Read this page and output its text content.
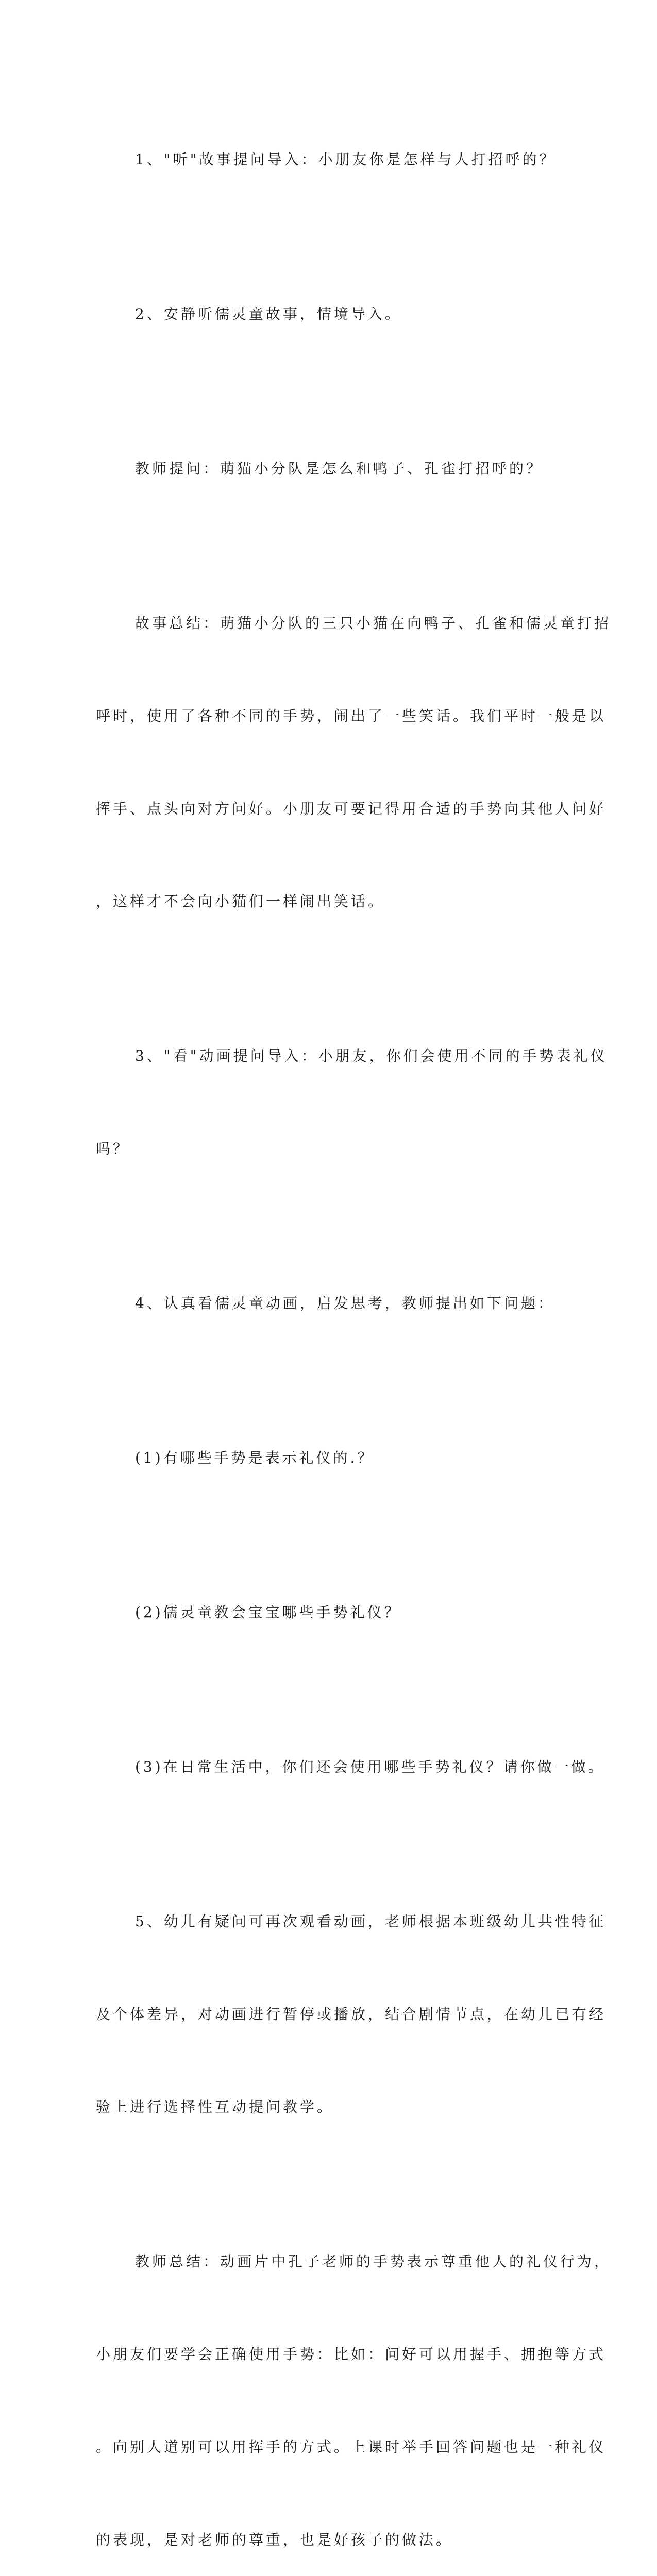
1、"听"故事提问导入：小朋友你是怎样与人打招呼的？

2、安静听儒灵童故事，情境导入。

教师提问：萌猫小分队是怎么和鸭子、孔雀打招呼的？

故事总结：萌猫小分队的三只小猫在向鸭子、孔雀和儒灵童打招

呼时，使用了各种不同的手势，闹出了一些笑话。我们平时一般是以

挥手、点头向对方问好。小朋友可要记得用合适的手势向其他人问好

，这样才不会向小猫们一样闹出笑话。

3、"看"动画提问导入：小朋友，你们会使用不同的手势表礼仪

吗？

4、认真看儒灵童动画，启发思考，教师提出如下问题：

(1)有哪些手势是表示礼仪的.？

(2)儒灵童教会宝宝哪些手势礼仪？

(3)在日常生活中，你们还会使用哪些手势礼仪？请你做一做。

5、幼儿有疑问可再次观看动画，老师根据本班级幼儿共性特征

及个体差异，对动画进行暂停或播放，结合剧情节点，在幼儿已有经

验上进行选择性互动提问教学。

教师总结：动画片中孔子老师的手势表示尊重他人的礼仪行为，

小朋友们要学会正确使用手势：比如：问好可以用握手、拥抱等方式

。向别人道别可以用挥手的方式。上课时举手回答问题也是一种礼仪

的表现，是对老师的尊重，也是好孩子的做法。
